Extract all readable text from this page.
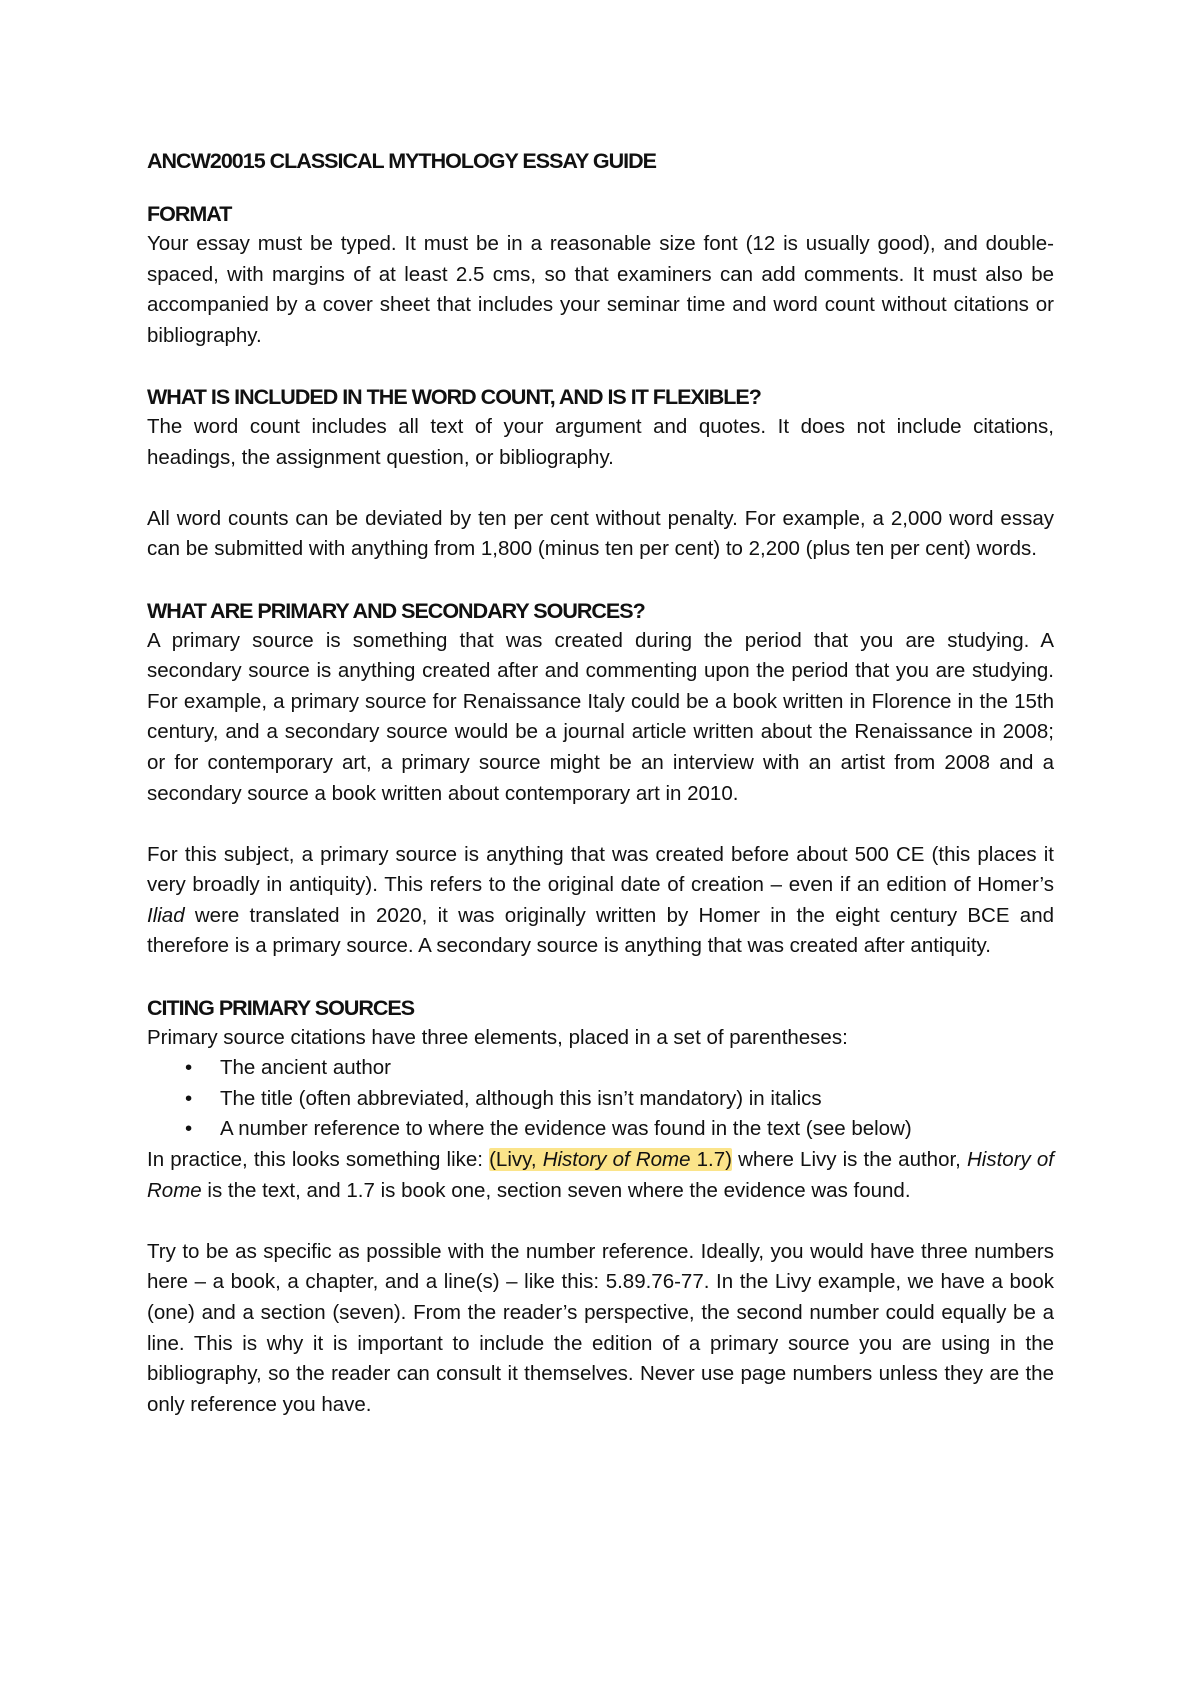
ANCW20015 CLASSICAL MYTHOLOGY ESSAY GUIDE
FORMAT

Your essay must be typed. It must be in a reasonable size font (12 is usually good), and double-spaced, with margins of at least 2.5 cms, so that examiners can add comments. It must also be accompanied by a cover sheet that includes your seminar time and word count without citations or bibliography.

WHAT IS INCLUDED IN THE WORD COUNT, AND IS IT FLEXIBLE?

The word count includes all text of your argument and quotes. It does not include citations, headings, the assignment question, or bibliography.

All word counts can be deviated by ten per cent without penalty. For example, a 2,000 word essay can be submitted with anything from 1,800 (minus ten per cent) to 2,200 (plus ten per cent) words.

WHAT ARE PRIMARY AND SECONDARY SOURCES?

A primary source is something that was created during the period that you are studying. A secondary source is anything created after and commenting upon the period that you are studying. For example, a primary source for Renaissance Italy could be a book written in Florence in the 15th century, and a secondary source would be a journal article written about the Renaissance in 2008; or for contemporary art, a primary source might be an interview with an artist from 2008 and a secondary source a book written about contemporary art in 2010.

For this subject, a primary source is anything that was created before about 500 CE (this places it very broadly in antiquity). This refers to the original date of creation – even if an edition of Homer’s Iliad were translated in 2020, it was originally written by Homer in the eight century BCE and therefore is a primary source. A secondary source is anything that was created after antiquity.

CITING PRIMARY SOURCES

Primary source citations have three elements, placed in a set of parentheses:

• The ancient author
• The title (often abbreviated, although this isn’t mandatory) in italics
• A number reference to where the evidence was found in the text (see below)

In practice, this looks something like: (Livy, History of Rome 1.7) where Livy is the author, History of Rome is the text, and 1.7 is book one, section seven where the evidence was found.

Try to be as specific as possible with the number reference. Ideally, you would have three numbers here – a book, a chapter, and a line(s) – like this: 5.89.76-77. In the Livy example, we have a book (one) and a section (seven). From the reader’s perspective, the second number could equally be a line. This is why it is important to include the edition of a primary source you are using in the bibliography, so the reader can consult it themselves. Never use page numbers unless they are the only reference you have.
